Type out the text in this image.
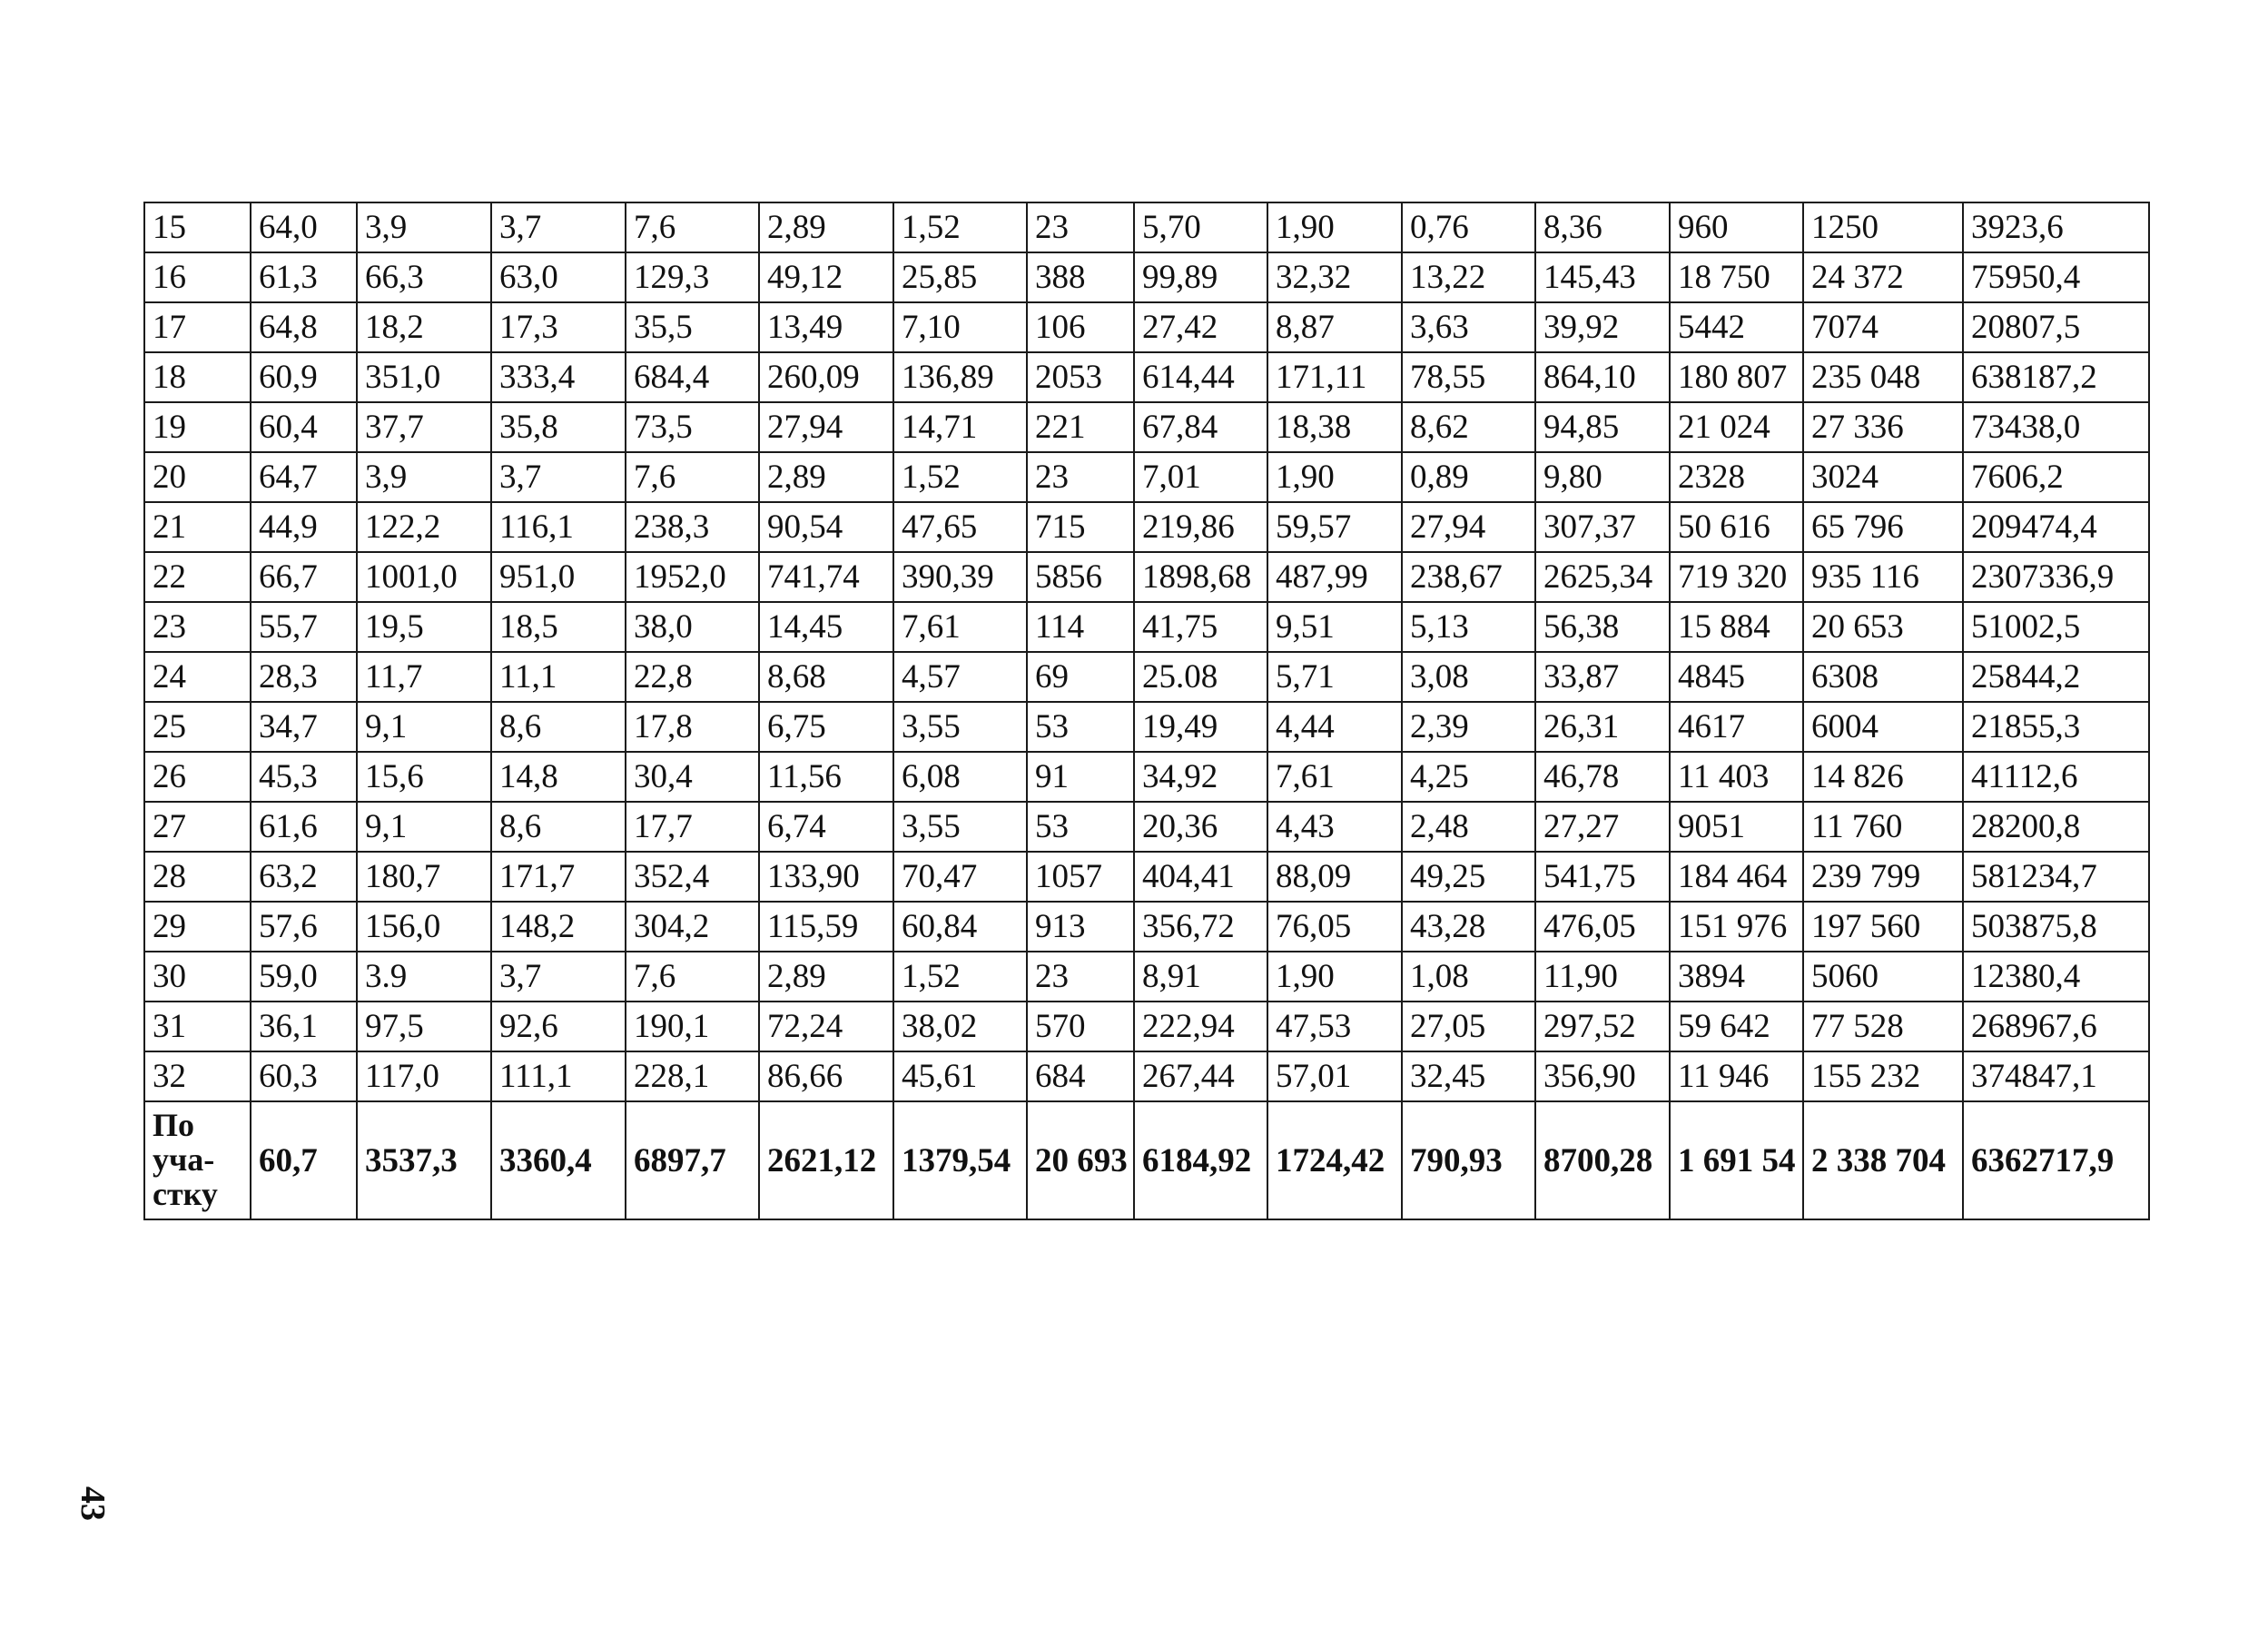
15	64,0	3,9	3,7	7,6	2,89	1,52	23	5,70	1,90	0,76	8,36	960	1250	3923,6
16	61,3	66,3	63,0	129,3	49,12	25,85	388	99,89	32,32	13,22	145,43	18 750	24 372	75950,4
17	64,8	18,2	17,3	35,5	13,49	7,10	106	27,42	8,87	3,63	39,92	5442	7074	20807,5
18	60,9	351,0	333,4	684,4	260,09	136,89	2053	614,44	171,11	78,55	864,10	180 807	235 048	638187,2
19	60,4	37,7	35,8	73,5	27,94	14,71	221	67,84	18,38	8,62	94,85	21 024	27 336	73438,0
20	64,7	3,9	3,7	7,6	2,89	1,52	23	7,01	1,90	0,89	9,80	2328	3024	7606,2
21	44,9	122,2	116,1	238,3	90,54	47,65	715	219,86	59,57	27,94	307,37	50 616	65 796	209474,4
22	66,7	1001,0	951,0	1952,0	741,74	390,39	5856	1898,68	487,99	238,67	2625,34	719 320	935 116	2307336,9
23	55,7	19,5	18,5	38,0	14,45	7,61	114	41,75	9,51	5,13	56,38	15 884	20 653	51002,5
24	28,3	11,7	11,1	22,8	8,68	4,57	69	25.08	5,71	3,08	33,87	4845	6308	25844,2
25	34,7	9,1	8,6	17,8	6,75	3,55	53	19,49	4,44	2,39	26,31	4617	6004	21855,3
26	45,3	15,6	14,8	30,4	11,56	6,08	91	34,92	7,61	4,25	46,78	11 403	14 826	41112,6
27	61,6	9,1	8,6	17,7	6,74	3,55	53	20,36	4,43	2,48	27,27	9051	11 760	28200,8
28	63,2	180,7	171,7	352,4	133,90	70,47	1057	404,41	88,09	49,25	541,75	184 464	239 799	581234,7
29	57,6	156,0	148,2	304,2	115,59	60,84	913	356,72	76,05	43,28	476,05	151 976	197 560	503875,8
30	59,0	3.9	3,7	7,6	2,89	1,52	23	8,91	1,90	1,08	11,90	3894	5060	12380,4
31	36,1	97,5	92,6	190,1	72,24	38,02	570	222,94	47,53	27,05	297,52	59 642	77 528	268967,6
32	60,3	117,0	111,1	228,1	86,66	45,61	684	267,44	57,01	32,45	356,90	11 946	155 232	374847,1

По
уча-
стку	60,7	3537,3	3360,4	6897,7	2621,12	1379,54	20 693	6184,92	1724,42	790,93	8700,28	1 691 54	2 338 704	6362717,9
43
